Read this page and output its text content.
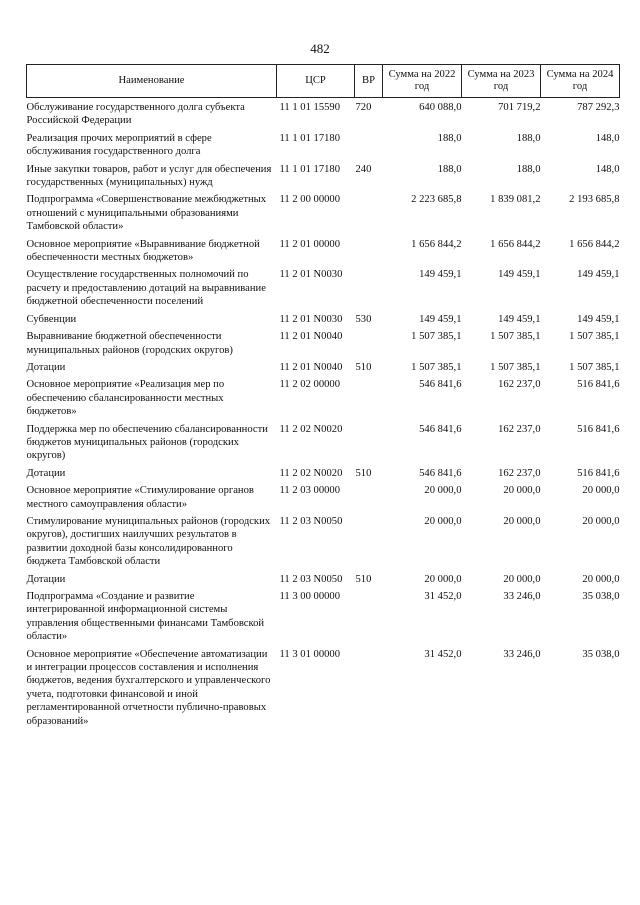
482
Наименование	ЦСР	ВР	Сумма на 2022 год	Сумма на 2023 год	Сумма на 2024 год
Обслуживание государственного долга субъекта Российской Федерации	11 1 01 15590	720	640 088,0	701 719,2	787 292,3
Реализация прочих мероприятий в сфере обслуживания государственного долга	11 1 01 17180		188,0	188,0	148,0
Иные закупки товаров, работ и услуг для обеспечения государственных (муниципальных) нужд	11 1 01 17180	240	188,0	188,0	148,0
Подпрограмма «Совершенствование межбюджетных отношений с муниципальными образованиями Тамбовской области»	11 2 00 00000		2 223 685,8	1 839 081,2	2 193 685,8
Основное мероприятие «Выравнивание бюджетной обеспеченности местных бюджетов»	11 2 01 00000		1 656 844,2	1 656 844,2	1 656 844,2
Осуществление государственных полномочий по расчету и предоставлению дотаций на выравнивание бюджетной обеспеченности поселений	11 2 01 N0030		149 459,1	149 459,1	149 459,1
Субвенции	11 2 01 N0030	530	149 459,1	149 459,1	149 459,1
Выравнивание бюджетной обеспеченности муниципальных районов (городских округов)	11 2 01 N0040		1 507 385,1	1 507 385,1	1 507 385,1
Дотации	11 2 01 N0040	510	1 507 385,1	1 507 385,1	1 507 385,1
Основное мероприятие «Реализация мер по обеспечению сбалансированности местных бюджетов»	11 2 02 00000		546 841,6	162 237,0	516 841,6
Поддержка мер по обеспечению сбалансированности бюджетов муниципальных районов (городских округов)	11 2 02 N0020		546 841,6	162 237,0	516 841,6
Дотации	11 2 02 N0020	510	546 841,6	162 237,0	516 841,6
Основное мероприятие «Стимулирование органов местного самоуправления области»	11 2 03 00000		20 000,0	20 000,0	20 000,0
Стимулирование муниципальных районов (городских округов), достигших наилучших результатов в развитии доходной базы консолидированного бюджета Тамбовской области	11 2 03 N0050		20 000,0	20 000,0	20 000,0
Дотации	11 2 03 N0050	510	20 000,0	20 000,0	20 000,0
Подпрограмма «Создание и развитие интегрированной информационной системы управления общественными финансами Тамбовской области»	11 3 00 00000		31 452,0	33 246,0	35 038,0
Основное мероприятие «Обеспечение автоматизации и интеграции процессов составления и исполнения бюджетов, ведения бухгалтерского и управленческого учета, подготовки финансовой и иной регламентированной отчетности публично-правовых образований»	11 3 01 00000		31 452,0	33 246,0	35 038,0
